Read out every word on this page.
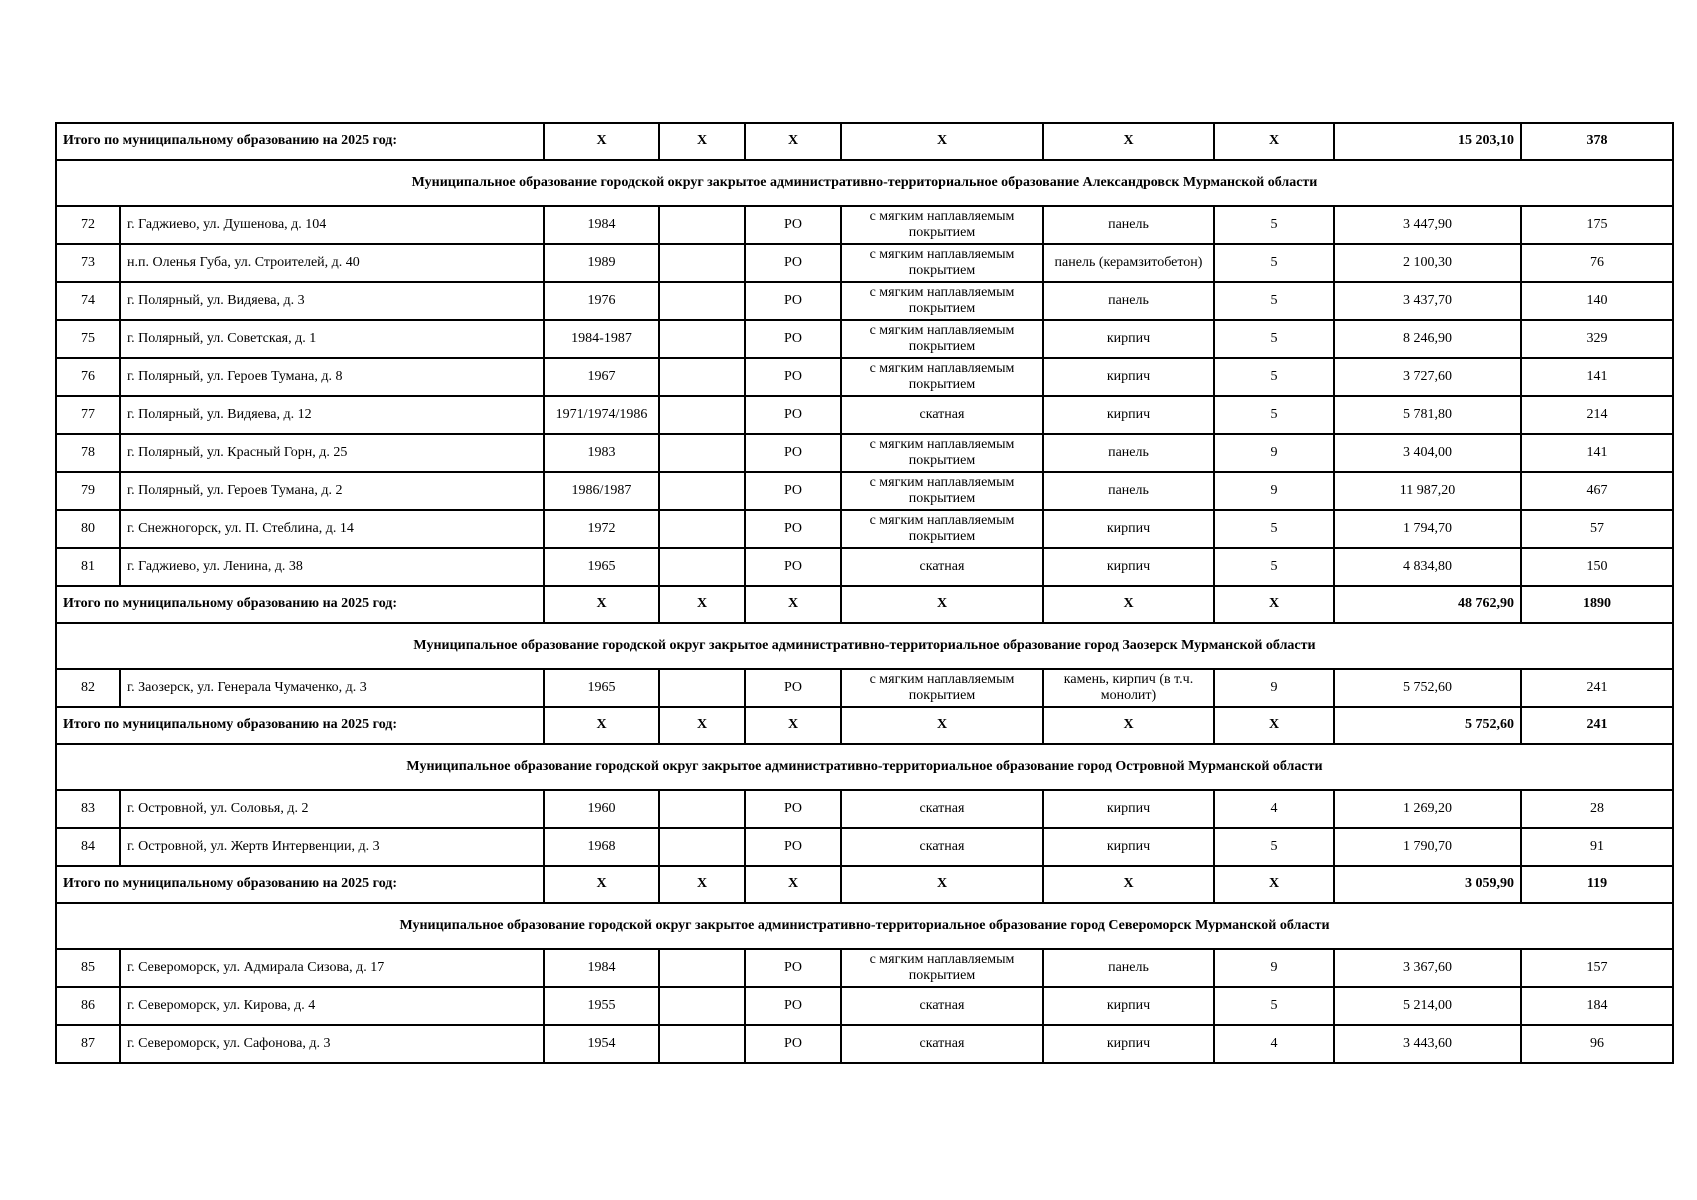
Итого по муниципальному образованию на 2025 год:		X	X	X	X	X	X	15 203,10	378
Муниципальное образование городской округ закрытое административно-территориальное образование Александровск Мурманской области									
72	г. Гаджиево, ул. Душенова, д. 104	1984		РО	с мягким наплавляемым покрытием	панель	5	3 447,90	175
73	н.п. Оленья Губа, ул. Строителей, д. 40	1989		РО	с мягким наплавляемым покрытием	панель (керамзитобетон)	5	2 100,30	76
74	г. Полярный, ул. Видяева, д. 3	1976		РО	с мягким наплавляемым покрытием	панель	5	3 437,70	140
75	г. Полярный, ул. Советская, д. 1	1984-1987		РО	с мягким наплавляемым покрытием	кирпич	5	8 246,90	329
76	г. Полярный, ул. Героев Тумана, д. 8	1967		РО	с мягким наплавляемым покрытием	кирпич	5	3 727,60	141
77	г. Полярный, ул. Видяева, д. 12	1971/1974/1986		РО	скатная	кирпич	5	5 781,80	214
78	г. Полярный, ул. Красный Горн, д. 25	1983		РО	с мягким наплавляемым покрытием	панель	9	3 404,00	141
79	г. Полярный, ул. Героев Тумана, д. 2	1986/1987		РО	с мягким наплавляемым покрытием	панель	9	11 987,20	467
80	г. Снежногорск, ул. П. Стеблина, д. 14	1972		РО	с мягким наплавляемым покрытием	кирпич	5	1 794,70	57
81	г. Гаджиево, ул. Ленина, д. 38	1965		РО	скатная	кирпич	5	4 834,80	150
Итого по муниципальному образованию на 2025 год:		X	X	X	X	X	X	48 762,90	1890
Муниципальное образование городской округ закрытое административно-территориальное образование город Заозерск Мурманской области									
82	г. Заозерск, ул. Генерала Чумаченко, д. 3	1965		РО	с мягким наплавляемым покрытием	камень, кирпич (в т.ч. монолит)	9	5 752,60	241
Итого по муниципальному образованию на 2025 год:		X	X	X	X	X	X	5 752,60	241
Муниципальное образование городской округ закрытое административно-территориальное образование город Островной Мурманской области									
83	г. Островной, ул. Соловья, д. 2	1960		РО	скатная	кирпич	4	1 269,20	28
84	г. Островной, ул. Жертв Интервенции, д. 3	1968		РО	скатная	кирпич	5	1 790,70	91
Итого по муниципальному образованию на 2025 год:		X	X	X	X	X	X	3 059,90	119
Муниципальное образование городской округ закрытое административно-территориальное образование город Североморск Мурманской области									
85	г. Североморск, ул. Адмирала Сизова, д. 17	1984		РО	с мягким наплавляемым покрытием	панель	9	3 367,60	157
86	г. Североморск, ул. Кирова, д. 4	1955		РО	скатная	кирпич	5	5 214,00	184
87	г. Североморск, ул. Сафонова, д. 3	1954		РО	скатная	кирпич	4	3 443,60	96
